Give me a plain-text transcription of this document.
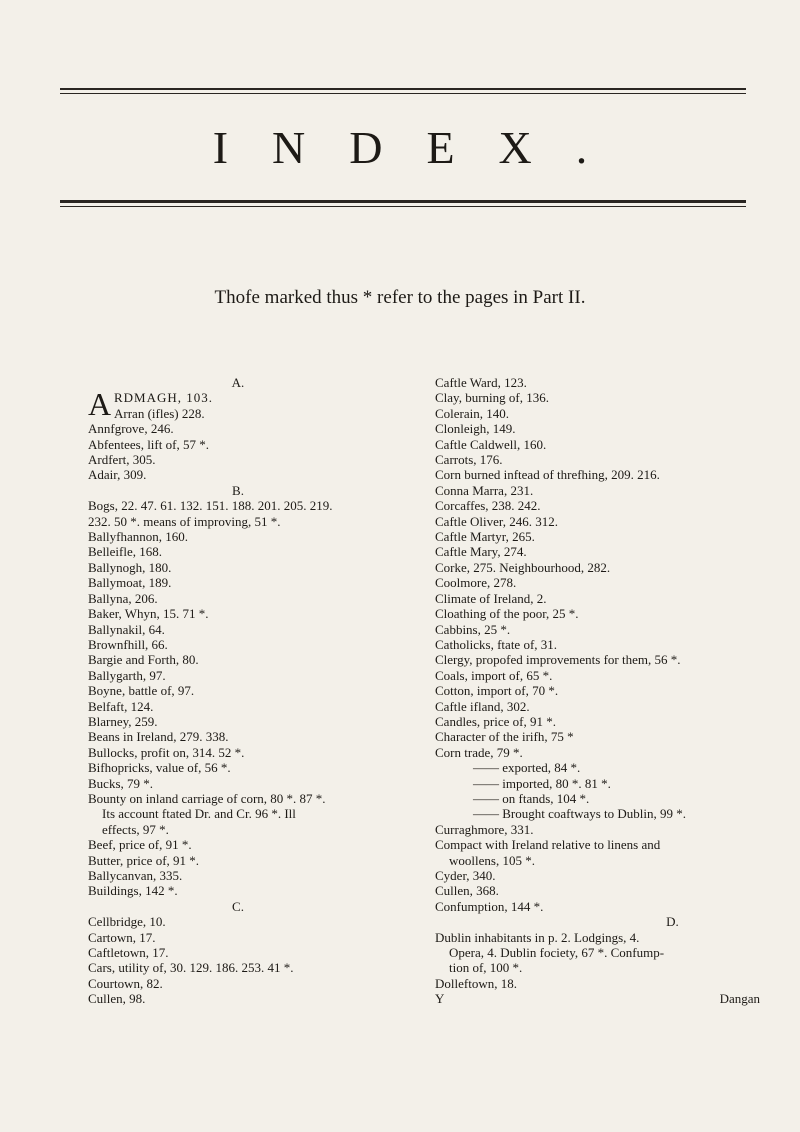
INDEX.
Thofe marked thus * refer to the pages in Part II.

A.

A RDMAGH, 103.

Arran (ifles) 228.

Annfgrove, 246.

Abfentees, lift of, 57 *.

Ardfert, 305.

Adair, 309.

B.

Bogs, 22. 47. 61. 132. 151. 188. 201. 205. 219.

232. 50 *. means of improving, 51 *.

Ballyfhannon, 160.

Belleifle, 168.

Ballynogh, 180.

Ballymoat, 189.

Ballyna, 206.

Baker, Whyn, 15. 71 *.

Ballynakil, 64.

Brownfhill, 66.

Bargie and Forth, 80.

Ballygarth, 97.

Boyne, battle of, 97.

Belfaft, 124.

Blarney, 259.

Beans in Ireland, 279. 338.

Bullocks, profit on, 314. 52 *.

Bifhopricks, value of, 56 *.

Bucks, 79 *.

Bounty on inland carriage of corn, 80 *. 87 *.

Its account ftated Dr. and Cr. 96 *. Ill

effects, 97 *.

Beef, price of, 91 *.

Butter, price of, 91 *.

Ballycanvan, 335.

Buildings, 142 *.

C.

Cellbridge, 10.

Cartown, 17.

Caftletown, 17.

Cars, utility of, 30. 129. 186. 253. 41 *.

Courtown, 82.

Cullen, 98.

Caftle Ward, 123.

Clay, burning of, 136.

Colerain, 140.

Clonleigh, 149.

Caftle Caldwell, 160.

Carrots, 176.

Corn burned inftead of threfhing, 209. 216.

Conna Marra, 231.

Corcaffes, 238. 242.

Caftle Oliver, 246. 312.

Caftle Martyr, 265.

Caftle Mary, 274.

Corke, 275. Neighbourhood, 282.

Coolmore, 278.

Climate of Ireland, 2.

Cloathing of the poor, 25 *.

Cabbins, 25 *.

Catholicks, ftate of, 31.

Clergy, propofed improvements for them, 56 *.

Coals, import of, 65 *.

Cotton, import of, 70 *.

Caftle ifland, 302.

Candles, price of, 91 *.

Character of the irifh, 75 *

Corn trade, 79 *.

—— exported, 84 *.

—— imported, 80 *. 81 *.

—— on ftands, 104 *.

—— Brought coaftways to Dublin, 99 *.

Curraghmore, 331.

Compact with Ireland relative to linens and

woollens, 105 *.

Cyder, 340.

Cullen, 368.

Confumption, 144 *.

D.

Dublin inhabitants in p. 2. Lodgings, 4.

Opera, 4. Dublin fociety, 67 *. Confump-

tion of, 100 *.

Dolleftown, 18.

Y	Dangan
